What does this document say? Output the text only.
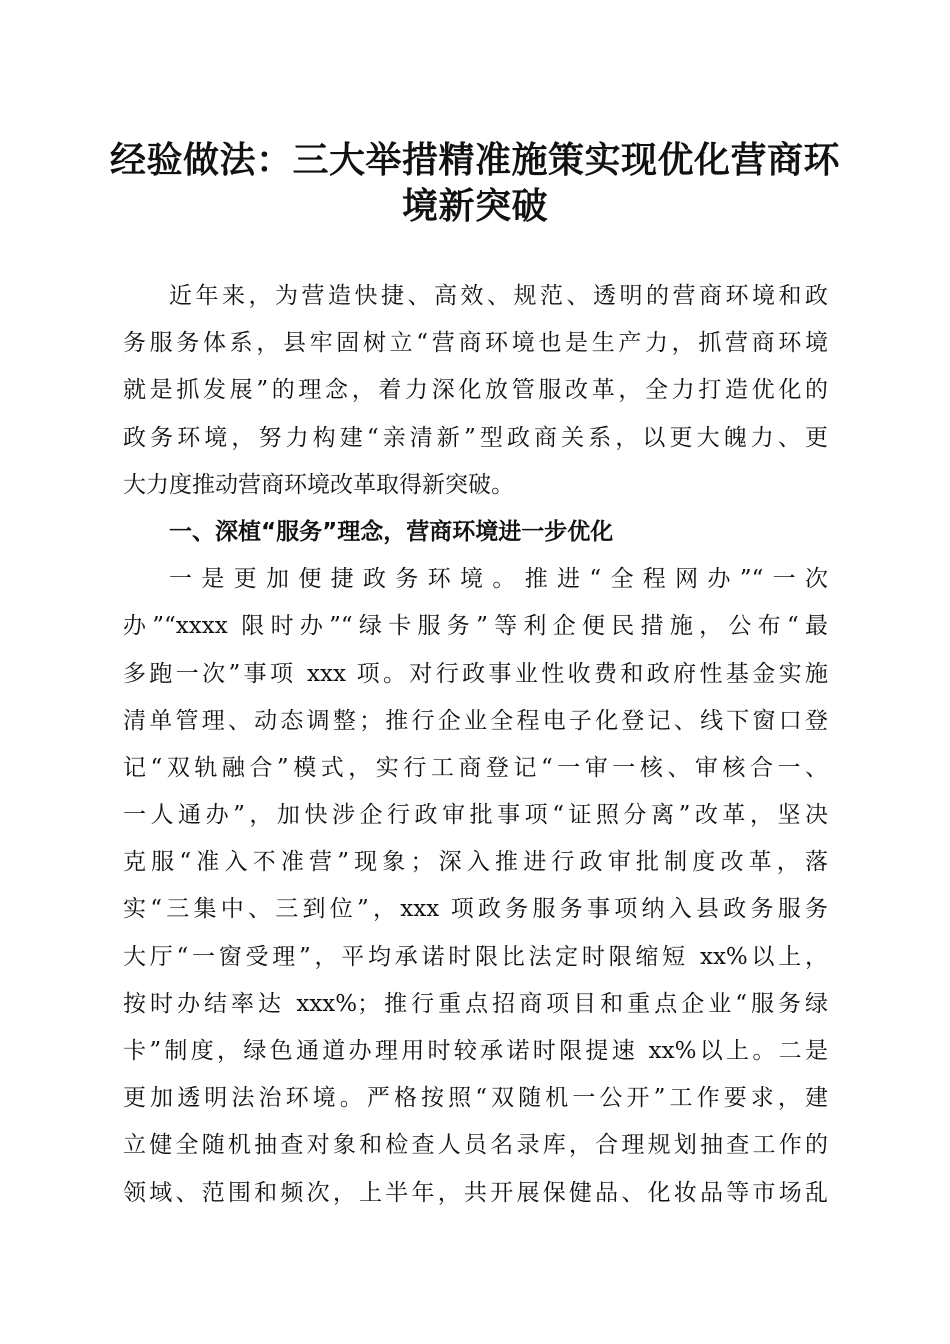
经验做法：三大举措精准施策实现优化营商环
境新突破
近年来，为营造快捷、高效、规范、透明的营商环境和政
务服务体系，县牢固树立“营商环境也是生产力，抓营商环境
就是抓发展”的理念，着力深化放管服改革，全力打造优化的
政务环境，努力构建“亲清新”型政商关系，以更大魄力、更
大力度推动营商环境改革取得新突破。
一、深植“服务”理念，营商环境进一步优化
一是更加便捷政务环境。推进“全程网办”“一次
办”“xxxx 限时办”“绿卡服务”等利企便民措施，公布“最
多跑一次”事项 xxx 项。对行政事业性收费和政府性基金实施
清单管理、动态调整；推行企业全程电子化登记、线下窗口登
记“双轨融合”模式，实行工商登记“一审一核、审核合一、
一人通办”，加快涉企行政审批事项“证照分离”改革，坚决
克服“准入不准营”现象；深入推进行政审批制度改革，落
实“三集中、三到位”，xxx 项政务服务事项纳入县政务服务
大厅“一窗受理”，平均承诺时限比法定时限缩短 xx%以上，
按时办结率达 xxx%；推行重点招商项目和重点企业“服务绿
卡”制度，绿色通道办理用时较承诺时限提速 xx%以上。二是
更加透明法治环境。严格按照“双随机一公开”工作要求，建
立健全随机抽查对象和检查人员名录库，合理规划抽查工作的
领域、范围和频次，上半年，共开展保健品、化妆品等市场乱
